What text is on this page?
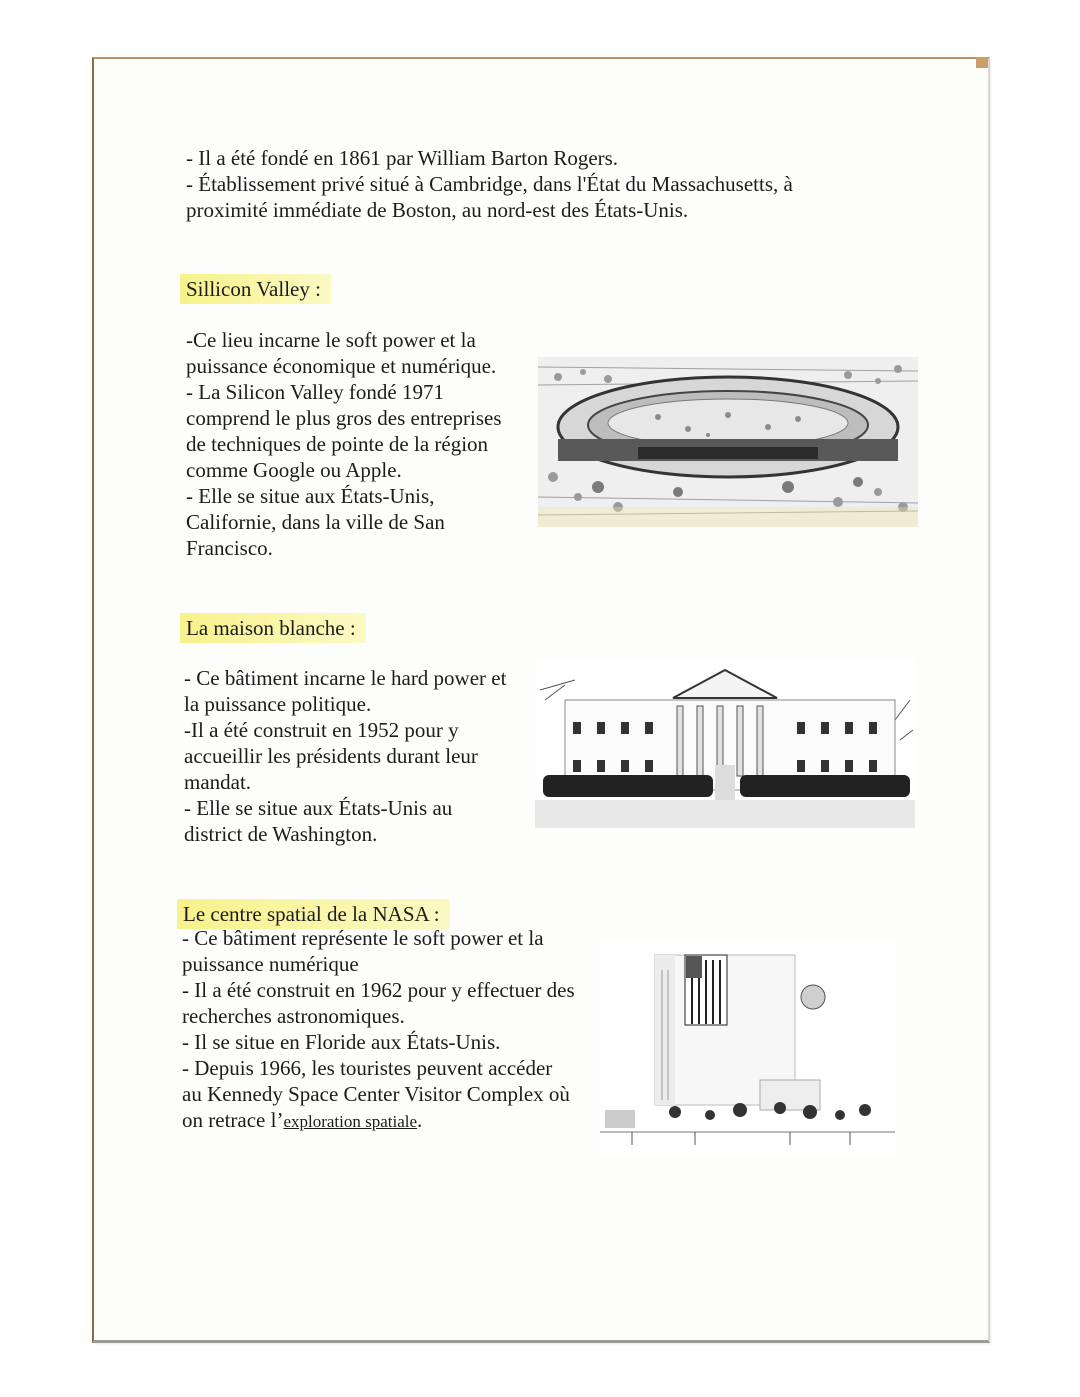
- Il a été fondé en 1861 par William Barton Rogers.
- Établissement privé situé à Cambridge, dans l'État du Massachusetts, à
proximité immédiate de Boston, au nord-est des États-Unis.
Sillicon Valley :
-Ce lieu incarne le soft power et la
puissance économique et numérique.
- La Silicon Valley fondé 1971
comprend le plus gros des entreprises
de techniques de pointe de la région
comme Google ou Apple.
- Elle se situe aux États-Unis,
Californie, dans la ville de San
Francisco.
La maison blanche :
- Ce bâtiment incarne le hard power et
la puissance politique.
-Il a été construit en 1952 pour y
accueillir les présidents durant leur
mandat.
- Elle se situe aux États-Unis au
district de Washington.
Le centre spatial de la NASA :
- Ce bâtiment représente le soft power et la
puissance numérique
- Il a été construit en 1962 pour y effectuer des
recherches astronomiques.
- Il se situe en Floride aux États-Unis.
- Depuis 1966, les touristes peuvent accéder
au Kennedy Space Center Visitor Complex où
on retrace l’exploration spatiale.
